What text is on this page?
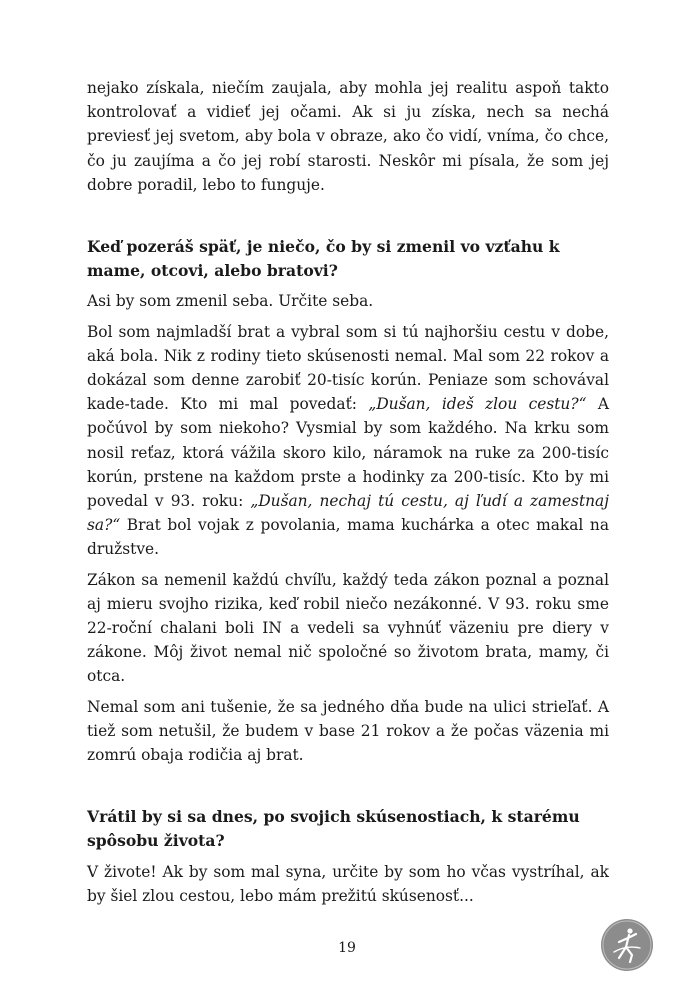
nejako získala, niečím zaujala, aby mohla jej realitu aspoň takto kontrolovať a vidieť jej očami. Ak si ju získa, nech sa nechá previesť jej svetom, aby bola v obraze, ako čo vidí, vníma, čo chce, čo ju zaujíma a čo jej robí starosti. Neskôr mi písala, že som jej dobre poradil, lebo to funguje.

Keď pozeráš späť, je niečo, čo by si zmenil vo vzťahu k mame, otcovi, alebo bratovi?

Asi by som zmenil seba. Určite seba.

Bol som najmladší brat a vybral som si tú najhoršiu cestu v dobe, aká bola. Nik z rodiny tieto skúsenosti nemal. Mal som 22 rokov a dokázal som denne zarobiť 20-tisíc korún. Peniaze som schovával kade-tade. Kto mi mal povedať: „Dušan, ideš zlou cestu?“ A počúvol by som niekoho? Vysmial by som každého. Na krku som nosil reťaz, ktorá vážila skoro kilo, náramok na ruke za 200-tisíc korún, prstene na každom prste a hodinky za 200-tisíc. Kto by mi povedal v 93. roku: „Dušan, nechaj tú cestu, aj ľudí a zamestnaj sa?“ Brat bol vojak z povolania, mama kuchárka a otec makal na družstve.

Zákon sa nemenil každú chvíľu, každý teda zákon poznal a poznal aj mieru svojho rizika, keď robil niečo nezákonné. V 93. roku sme 22-roční chalani boli IN a vedeli sa vyhnúť väzeniu pre diery v zákone. Môj život nemal nič spoločné so životom brata, mamy, či otca.

Nemal som ani tušenie, že sa jedného dňa bude na ulici strieľať. A tiež som netušil, že budem v base 21 rokov a že počas väzenia mi zomrú obaja rodičia aj brat.

Vrátil by si sa dnes, po svojich skúsenostiach, k starému spôsobu života?

V živote! Ak by som mal syna, určite by som ho včas vystríhal, ak by šiel zlou cestou, lebo mám prežitú skúsenosť...

19
